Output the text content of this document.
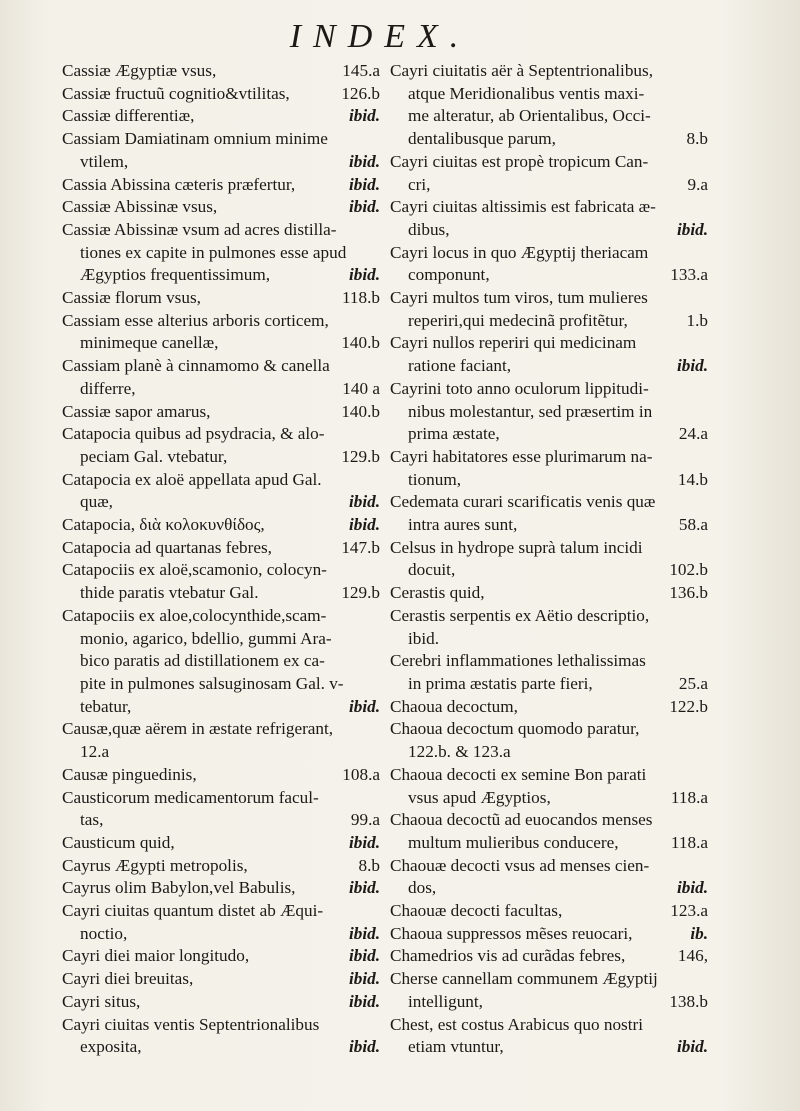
INDEX.
Cassiæ Ægyptiæ vsus,	145.a
Cassiæ fructuũ cognitio&vtilitas,	126.b
Cassiæ differentiæ,	ibid.
Cassiam Damiatinam omnium minime
vtilem,	ibid.
Cassia Abissina cæteris præfertur,	ibid.
Cassiæ Abissinæ vsus,	ibid.
Cassiæ Abissinæ vsum ad acres distilla-
tiones ex capite in pulmones esse apud
Ægyptios frequentissimum,	ibid.
Cassiæ florum vsus,	118.b
Cassiam esse alterius arboris corticem,
minimeque canellæ,	140.b
Cassiam planè à cinnamomo & canella
differre,	140 a
Cassiæ sapor amarus,	140.b
Catapocia quibus ad psydracia, & alo-
peciam Gal. vtebatur,	129.b
Catapocia ex aloë appellata apud Gal.
quæ,	ibid.
Catapocia, διὰ κολοκυνθίδος,	ibid.
Catapocia ad quartanas febres,	147.b
Catapociis ex aloë,scamonio, colocyn-
thide paratis vtebatur Gal.	129.b
Catapociis ex aloe,colocynthide,scam-
monio, agarico, bdellio, gummi Ara-
bico paratis ad distillationem ex ca-
pite in pulmones salsuginosam Gal. v-
tebatur,	ibid.
Causæ,quæ aërem in æstate refrigerant,
12.a
Causæ pinguedinis,	108.a
Causticorum medicamentorum facul-
tas,	99.a
Causticum quid,	ibid.
Cayrus Ægypti metropolis,	8.b
Cayrus olim Babylon,vel Babulis,	ibid.
Cayri ciuitas quantum distet ab Æqui-
noctio,	ibid.
Cayri diei maior longitudo,	ibid.
Cayri diei breuitas,	ibid.
Cayri situs,	ibid.
Cayri ciuitas ventis Septentrionalibus
exposita,	ibid.
Cayri ciuitatis aër à Septentrionalibus,
atque Meridionalibus ventis maxi-
me alteratur, ab Orientalibus, Occi-
dentalibusque parum,	8.b
Cayri ciuitas est propè tropicum Can-
cri,	9.a
Cayri ciuitas altissimis est fabricata æ-
dibus,	ibid.
Cayri locus in quo Ægyptij theriacam
componunt,	133.a
Cayri multos tum viros, tum mulieres
reperiri,qui medecinã profitẽtur,	1.b
Cayri nullos reperiri qui medicinam
ratione faciant,	ibid.
Cayrini toto anno oculorum lippitudi-
nibus molestantur, sed præsertim in
prima æstate,	24.a
Cayri habitatores esse plurimarum na-
tionum,	14.b
Cedemata curari scarificatis venis quæ
intra aures sunt,	58.a
Celsus in hydrope suprà talum incidi
docuit,	102.b
Cerastis quid,	136.b
Cerastis serpentis ex Aëtio descriptio,
ibid.
Cerebri inflammationes lethalissimas
in prima æstatis parte fieri,	25.a
Chaoua decoctum,	122.b
Chaoua decoctum quomodo paratur,
122.b. & 123.a
Chaoua decocti ex semine Bon parati
vsus apud Ægyptios,	118.a
Chaoua decoctũ ad euocandos menses
multum mulieribus conducere,	118.a
Chaouæ decocti vsus ad menses cien-
dos,	ibid.
Chaouæ decocti facultas,	123.a
Chaoua suppressos mẽses reuocari,	ib.
Chamedrios vis ad curãdas febres,	146,
Cherse cannellam communem Ægyptij
intelligunt,	138.b
Chest, est costus Arabicus quo nostri
etiam vtuntur,	ibid.
